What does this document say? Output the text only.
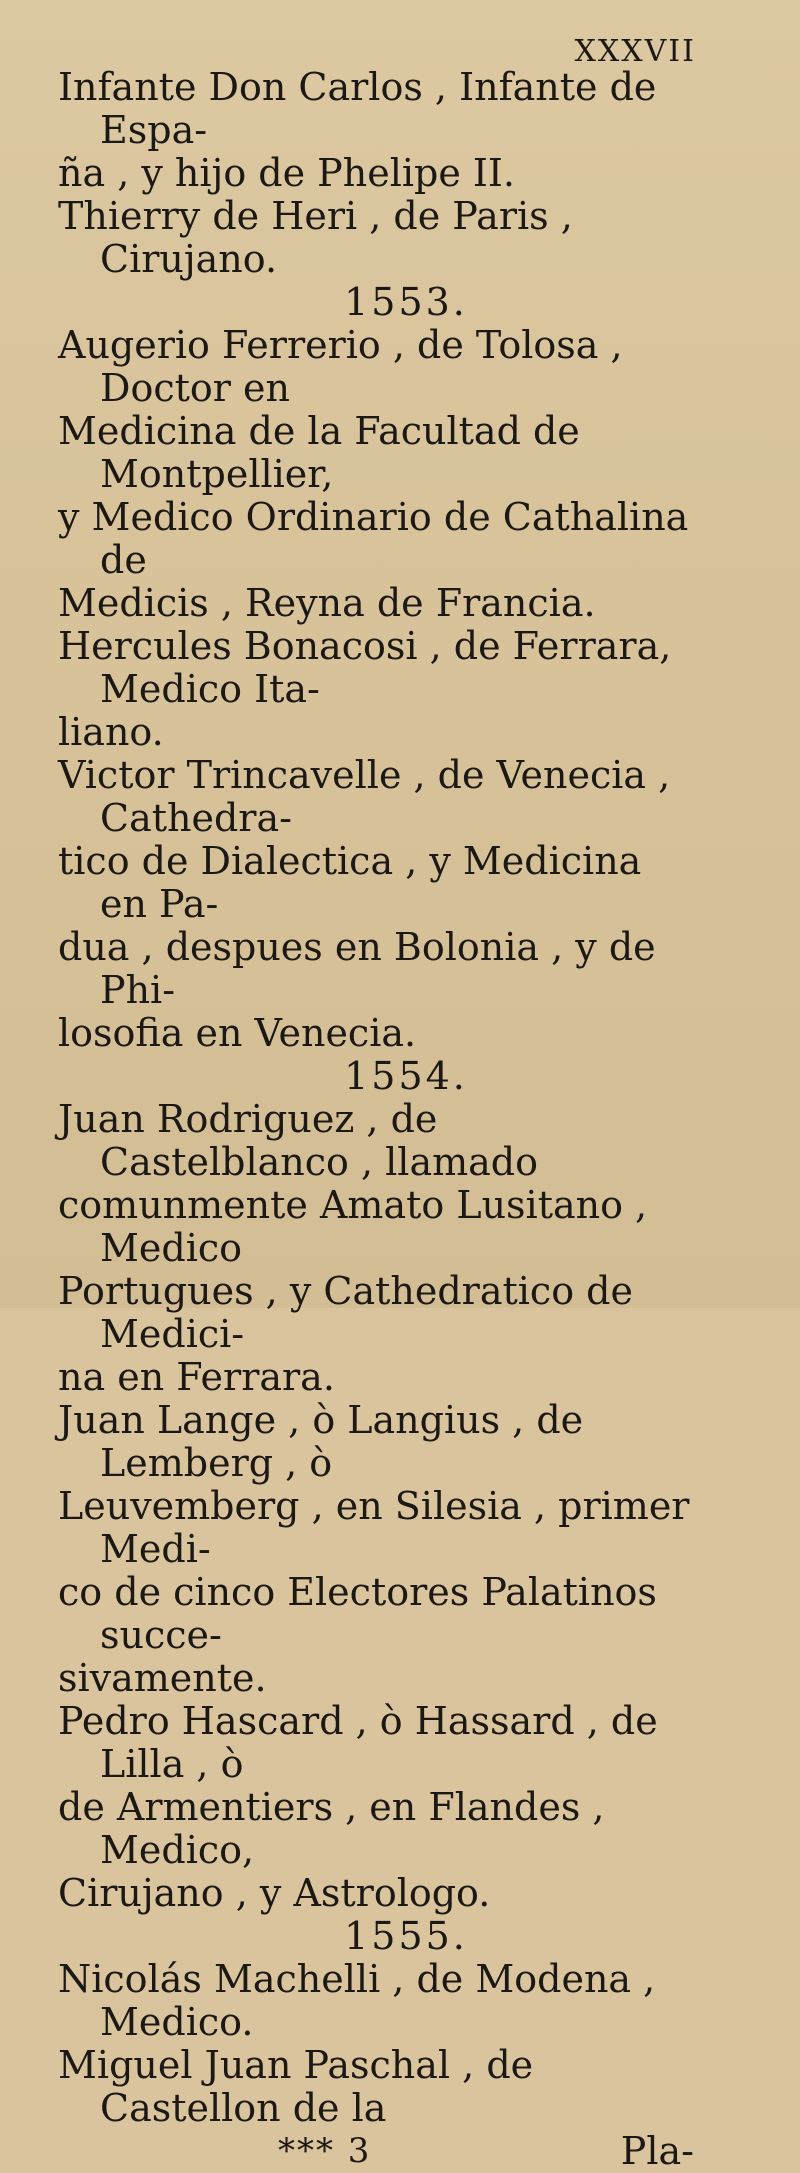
XXXVII
Infante Don Carlos , Infante de Espa-
ña , y hijo de Phelipe II.
Thierry de Heri , de Paris , Cirujano.
1553.
Augerio Ferrerio , de Tolosa , Doctor en
Medicina de la Facultad de Montpellier,
y Medico Ordinario de Cathalina de
Medicis , Reyna de Francia.
Hercules Bonacosi , de Ferrara, Medico Ita-
liano.
Victor Trincavelle , de Venecia , Cathedra-
tico de Dialectica , y Medicina en Pa-
dua , despues en Bolonia , y de Phi-
losofia en Venecia.
1554.
Juan Rodriguez , de Castelblanco , llamado
comunmente Amato Lusitano , Medico
Portugues , y Cathedratico de Medici-
na en Ferrara.
Juan Lange , ò Langius , de Lemberg , ò
Leuvemberg , en Silesia , primer Medi-
co de cinco Electores Palatinos succe-
sivamente.
Pedro Hascard , ò Hassard , de Lilla , ò
de Armentiers , en Flandes , Medico,
Cirujano , y Astrologo.
1555.
Nicolás Machelli , de Modena , Medico.
Miguel Juan Paschal , de Castellon de la
*** 3	Pla-
